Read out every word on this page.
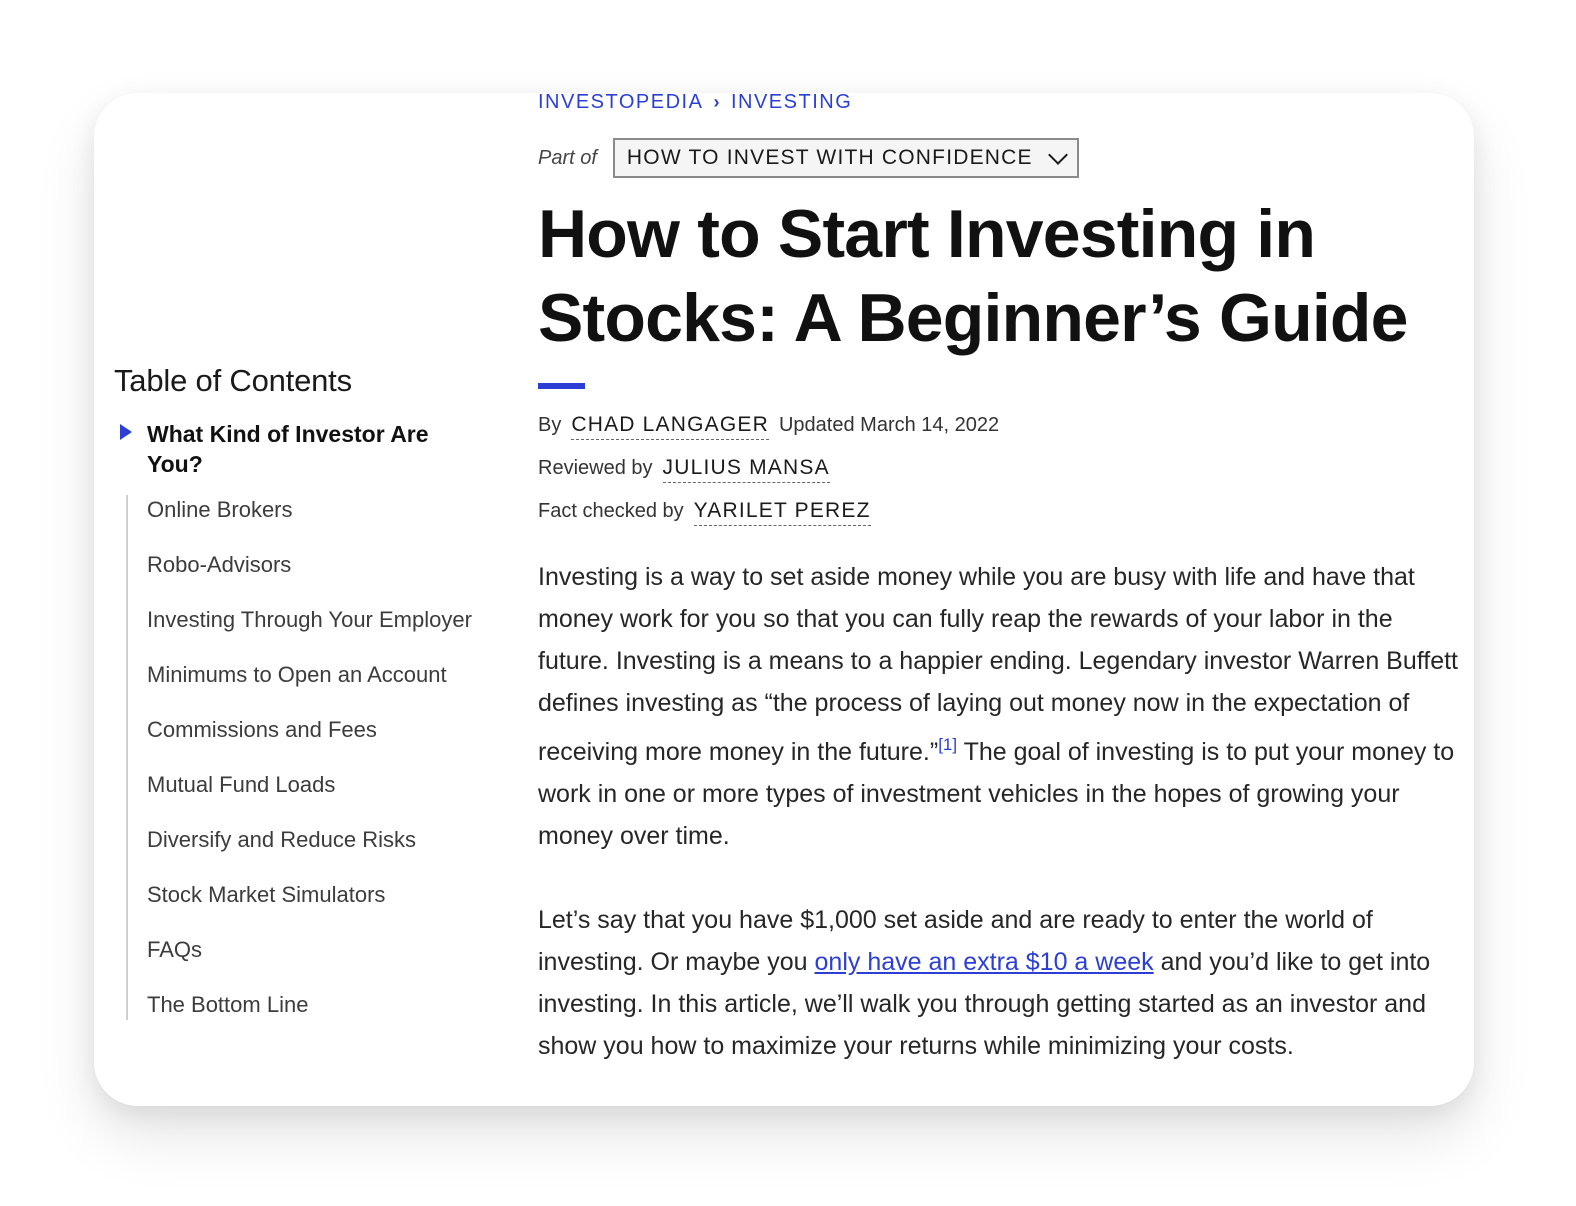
Table of Contents
What Kind of Investor Are You?
Online Brokers
Robo-Advisors
Investing Through Your Employer
Minimums to Open an Account
Commissions and Fees
Mutual Fund Loads
Diversify and Reduce Risks
Stock Market Simulators
FAQs
The Bottom Line
INVESTOPEDIA › INVESTING
Part of HOW TO INVEST WITH CONFIDENCE
How to Start Investing in Stocks: A Beginner’s Guide
By CHAD LANGAGER Updated March 14, 2022
Reviewed by JULIUS MANSA
Fact checked by YARILET PEREZ

Investing is a way to set aside money while you are busy with life and have that money work for you so that you can fully reap the rewards of your labor in the future. Investing is a means to a happier ending. Legendary investor Warren Buffett defines investing as “the process of laying out money now in the expectation of receiving more money in the future.”[1] The goal of investing is to put your money to work in one or more types of investment vehicles in the hopes of growing your money over time.

Let’s say that you have $1,000 set aside and are ready to enter the world of investing. Or maybe you only have an extra $10 a week and you’d like to get into investing. In this article, we’ll walk you through getting started as an investor and show you how to maximize your returns while minimizing your costs.
